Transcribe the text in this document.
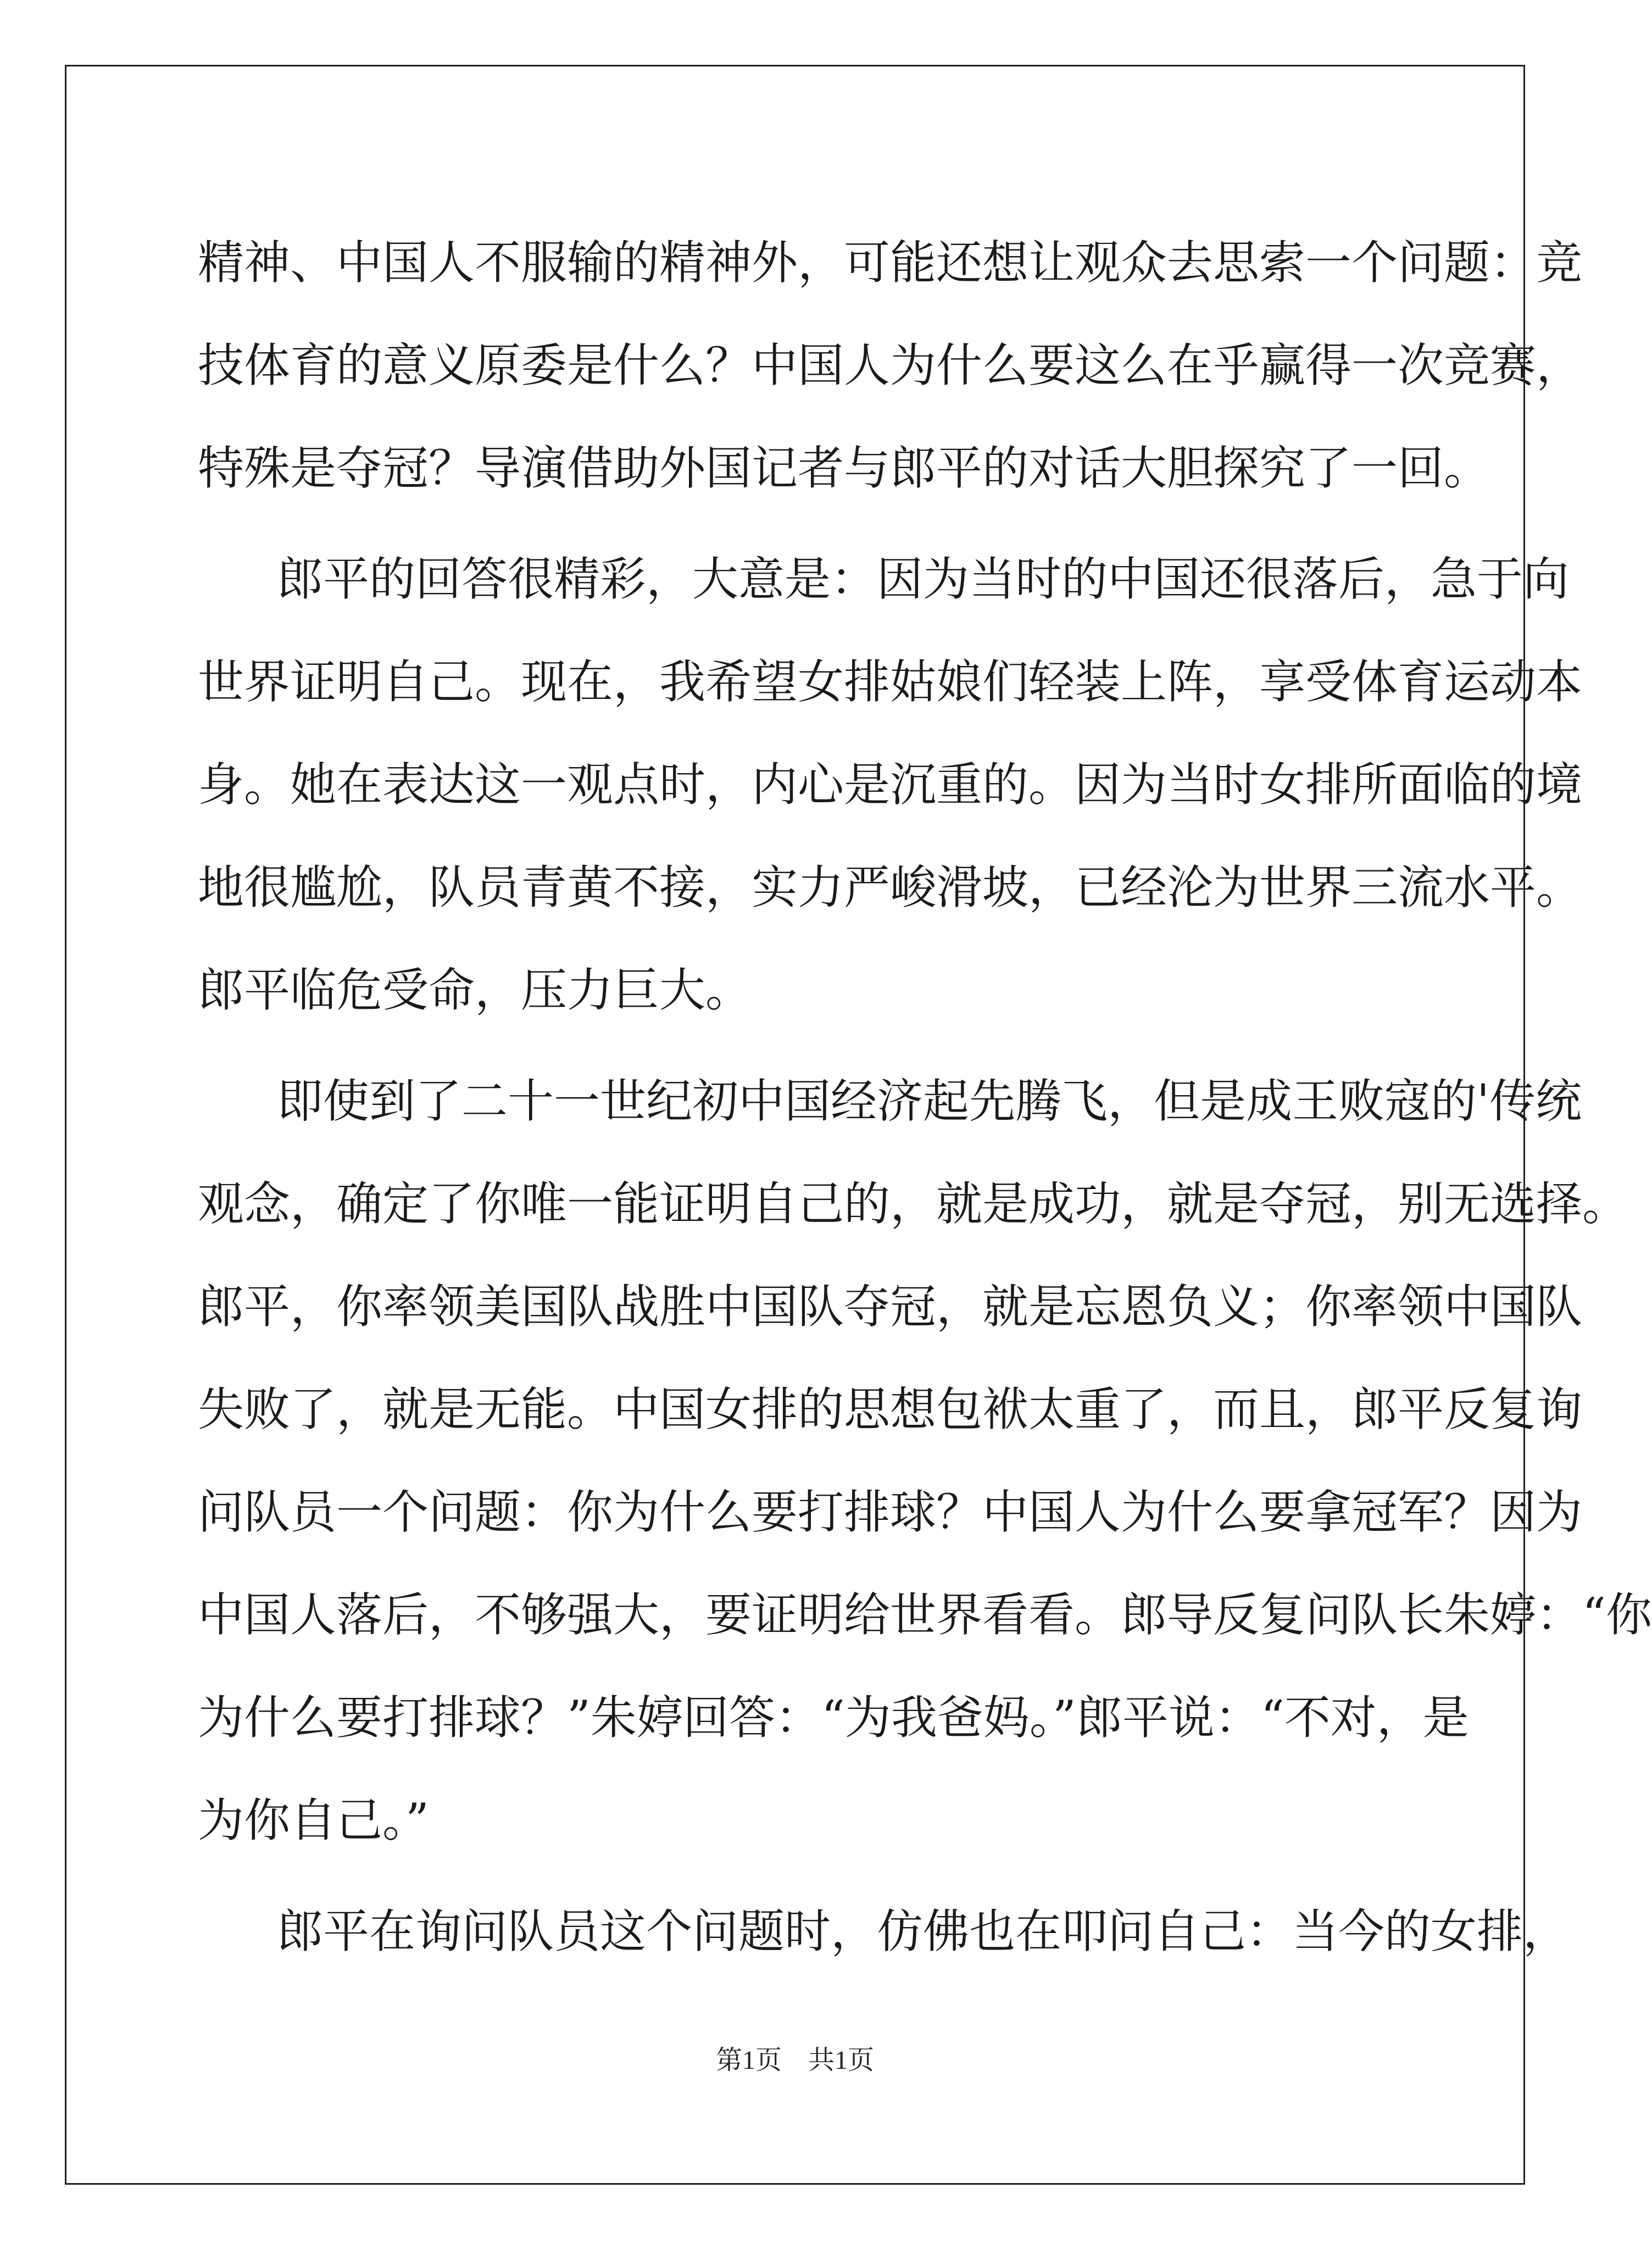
精神、中国人不服输的精神外，可能还想让观众去思索一个问题：竞
技体育的意义原委是什么？中国人为什么要这么在乎赢得一次竞赛，
特殊是夺冠？导演借助外国记者与郎平的对话大胆探究了一回。
郎平的回答很精彩，大意是：因为当时的中国还很落后，急于向
世界证明自己。现在，我希望女排姑娘们轻装上阵，享受体育运动本
身。她在表达这一观点时，内心是沉重的。因为当时女排所面临的境
地很尴尬，队员青黄不接，实力严峻滑坡，已经沦为世界三流水平。
郎平临危受命，压力巨大。
即使到了二十一世纪初中国经济起先腾飞，但是成王败寇的'传统
观念，确定了你唯一能证明自己的，就是成功，就是夺冠，别无选择。
郎平，你率领美国队战胜中国队夺冠，就是忘恩负义；你率领中国队
失败了，就是无能。中国女排的思想包袱太重了，而且，郎平反复询
问队员一个问题：你为什么要打排球？中国人为什么要拿冠军？因为
中国人落后，不够强大，要证明给世界看看。郎导反复问队长朱婷：“你
为什么要打排球？”朱婷回答：“为我爸妈。”郎平说：“不对，是
为你自己。”
郎平在询问队员这个问题时，仿佛也在叩问自己：当今的女排，
第1页　共1页
